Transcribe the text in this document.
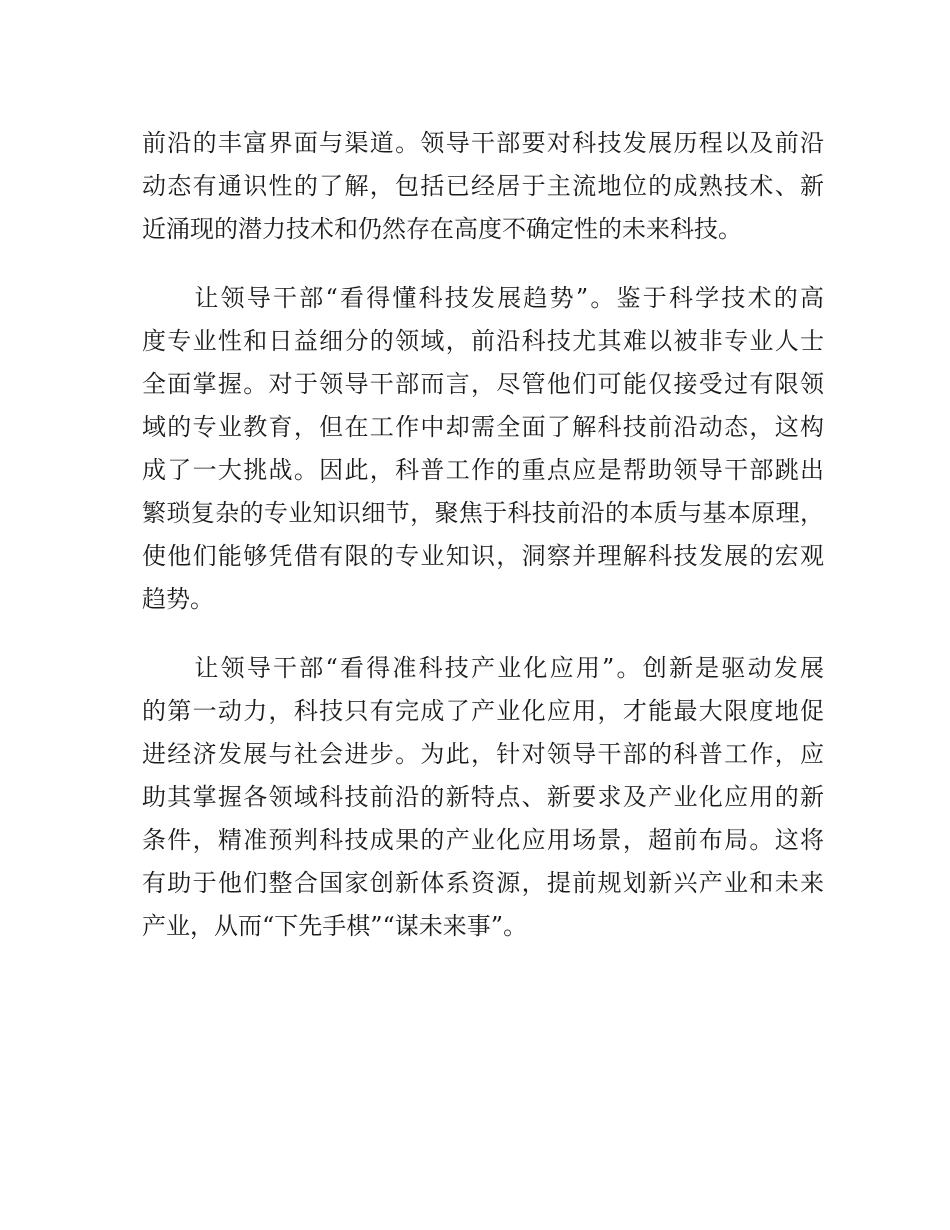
前沿的丰富界面与渠道。领导干部要对科技发展历程以及前沿
动态有通识性的了解，包括已经居于主流地位的成熟技术、新
近涌现的潜力技术和仍然存在高度不确定性的未来科技。
　　让领导干部“看得懂科技发展趋势”。鉴于科学技术的高
度专业性和日益细分的领域，前沿科技尤其难以被非专业人士
全面掌握。对于领导干部而言，尽管他们可能仅接受过有限领
域的专业教育，但在工作中却需全面了解科技前沿动态，这构
成了一大挑战。因此，科普工作的重点应是帮助领导干部跳出
繁琐复杂的专业知识细节，聚焦于科技前沿的本质与基本原理，
使他们能够凭借有限的专业知识，洞察并理解科技发展的宏观
趋势。
　　让领导干部“看得准科技产业化应用”。创新是驱动发展
的第一动力，科技只有完成了产业化应用，才能最大限度地促
进经济发展与社会进步。为此，针对领导干部的科普工作，应
助其掌握各领域科技前沿的新特点、新要求及产业化应用的新
条件，精准预判科技成果的产业化应用场景，超前布局。这将
有助于他们整合国家创新体系资源，提前规划新兴产业和未来
产业，从而“下先手棋”“谋未来事”。
